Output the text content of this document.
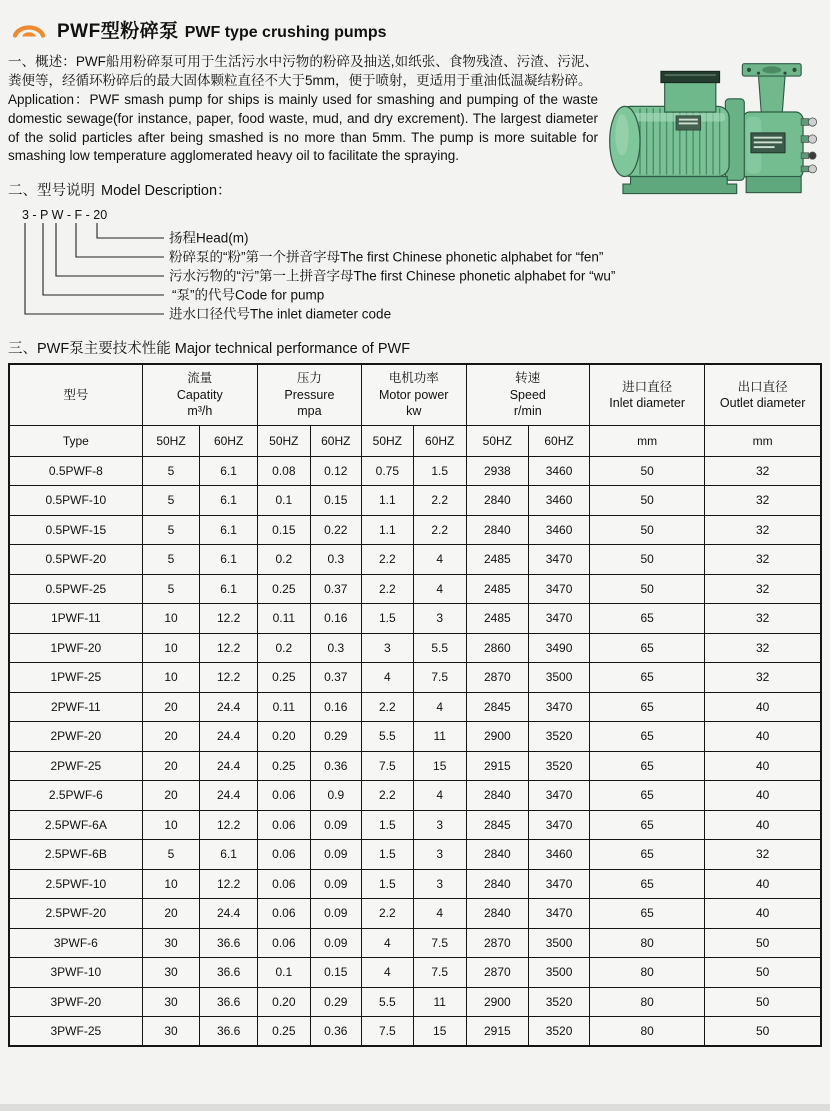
PWF型粉碎泵 PWF type crushing pumps

一、概述：PWF船用粉碎泵可用于生活污水中污物的粉碎及抽送,如纸张、食物残渣、污渣、污泥、粪便等，经循环粉碎后的最大固体颗粒直径不大于5mm，便于喷射，更适用于重油低温凝结粉碎。

Application：PWF smash pump for ships is mainly used for smashing and pumping of the waste domestic sewage(for instance, paper, food waste, mud, and dry excrement). The largest diameter of the solid particles after being smashed is no more than 5mm. The pump is more suitable for smashing low temperature agglomerated heavy oil to facilitate the spraying.

二、型号说明 Model Description：
3 - P W - F - 20
扬程Head(m)
粉碎泵的“粉”第一个拼音字母The first Chinese phonetic alphabet for “fen”
污水污物的“污”第一上拼音字母The first Chinese phonetic alphabet for “wu”
“泵”的代号Code for pump
进水口径代号The inlet diameter code
三、PWF泵主要技术性能 Major technical performance of PWF
型号	
流量
Capatity
m³/h

压力
Pressure
mpa

电机功率
Motor power
kw

转速
Speed
r/min

进口直径
Inlet diameter

出口直径
Outlet diameter

Type	50HZ	60HZ	50HZ	60HZ	50HZ	60HZ	50HZ	60HZ	mm	mm
0.5PWF-8	5	6.1	0.08	0.12	0.75	1.5	2938	3460	50	32
0.5PWF-10	5	6.1	0.1	0.15	1.1	2.2	2840	3460	50	32
0.5PWF-15	5	6.1	0.15	0.22	1.1	2.2	2840	3460	50	32
0.5PWF-20	5	6.1	0.2	0.3	2.2	4	2485	3470	50	32
0.5PWF-25	5	6.1	0.25	0.37	2.2	4	2485	3470	50	32
1PWF-11	10	12.2	0.11	0.16	1.5	3	2485	3470	65	32
1PWF-20	10	12.2	0.2	0.3	3	5.5	2860	3490	65	32
1PWF-25	10	12.2	0.25	0.37	4	7.5	2870	3500	65	32
2PWF-11	20	24.4	0.11	0.16	2.2	4	2845	3470	65	40
2PWF-20	20	24.4	0.20	0.29	5.5	11	2900	3520	65	40
2PWF-25	20	24.4	0.25	0.36	7.5	15	2915	3520	65	40
2.5PWF-6	20	24.4	0.06	0.9	2.2	4	2840	3470	65	40
2.5PWF-6A	10	12.2	0.06	0.09	1.5	3	2845	3470	65	40
2.5PWF-6B	5	6.1	0.06	0.09	1.5	3	2840	3460	65	32
2.5PWF-10	10	12.2	0.06	0.09	1.5	3	2840	3470	65	40
2.5PWF-20	20	24.4	0.06	0.09	2.2	4	2840	3470	65	40
3PWF-6	30	36.6	0.06	0.09	4	7.5	2870	3500	80	50
3PWF-10	30	36.6	0.1	0.15	4	7.5	2870	3500	80	50
3PWF-20	30	36.6	0.20	0.29	5.5	11	2900	3520	80	50
3PWF-25	30	36.6	0.25	0.36	7.5	15	2915	3520	80	50
